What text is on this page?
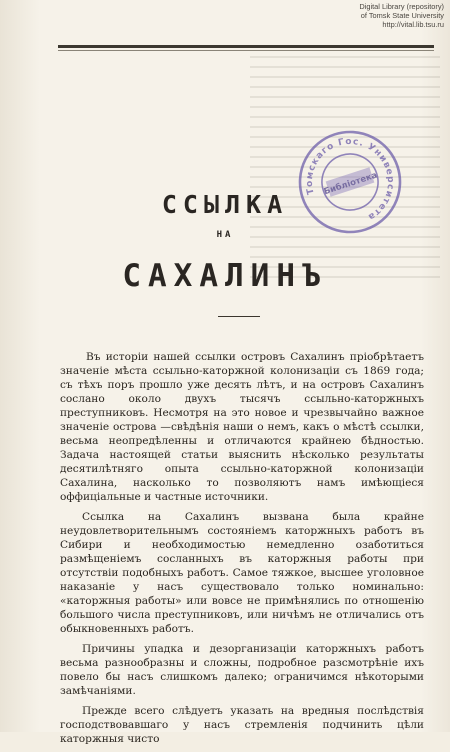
Digital Library (repository)
of Tomsk State University
http://vital.lib.tsu.ru
Томскаго Гос. Университета
Библіотека
ССЫЛКА
НА
САХАЛИНЪ

Въ исторіи нашей ссылки островъ Сахалинъ пріобрѣтаетъ значеніе мѣста ссыльно-каторжной колонизаціи съ 1869 года; съ тѣхъ поръ прошло уже десять лѣтъ, и на островъ Сахалинъ сослано около двухъ тысячъ ссыльно-каторжныхъ преступниковъ. Несмотря на это новое и чрезвычайно важное значеніе острова —свѣдѣнія наши о немъ, какъ о мѣстѣ ссылки, весьма неопредѣленны и отличаются крайнею бѣдностью. Задача настоящей статьи выяснить нѣсколько результаты десятилѣтняго опыта ссыльно-каторжной колонизаціи Сахалина, насколько то позволяютъ намъ имѣющіеся оффиціальные и частные источники.

Ссылка на Сахалинъ вызвана была крайне неудовлетворительнымъ состояніемъ каторжныхъ работъ въ Сибири и необходимостью немедленно озаботиться размѣщеніемъ сосланныхъ въ каторжныя работы при отсутствіи подобныхъ работъ. Самое тяжкое, высшее уголовное наказаніе у насъ существовало только номинально: «каторжныя работы» или вовсе не примѣнялись по отношенію большого числа преступниковъ, или ничѣмъ не отличались отъ обыкновенныхъ работъ.

Причины упадка и дезорганизаціи каторжныхъ работъ весьма разнообразны и сложны, подробное разсмотрѣніе ихъ повело бы насъ слишкомъ далеко; ограничимся нѣкоторыми замѣчаніями.

Прежде всего слѣдуетъ указать на вредныя послѣдствія господствовавшаго у насъ стремленія подчинить цѣли каторжныя чисто
